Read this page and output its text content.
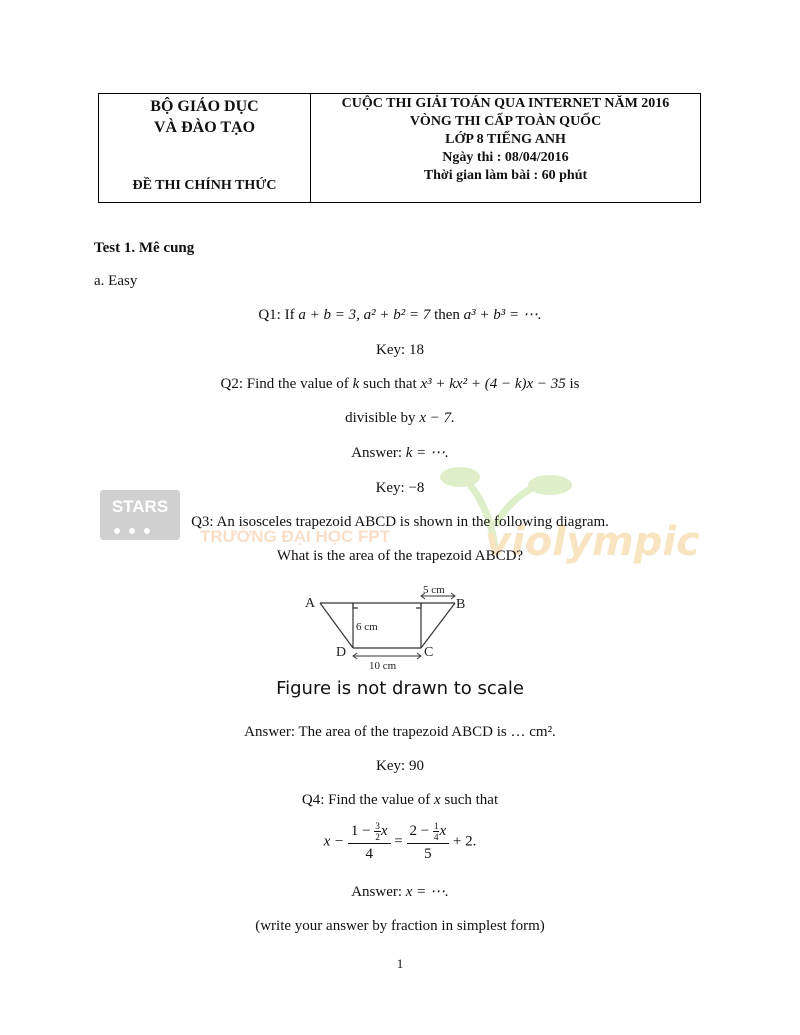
BỘ GIÁO DỤC
VÀ ĐÀO TẠO
ĐỀ THI CHÍNH THỨC
CUỘC THI GIẢI TOÁN QUA INTERNET NĂM 2016
VÒNG THI CẤP TOÀN QUỐC
LỚP 8 TIẾNG ANH
Ngày thi : 08/04/2016
Thời gian làm bài : 60 phút
STARS
TRƯỜNG ĐẠI HỌC FPT violympic
Test 1. Mê cung
a. Easy
Q1: If a + b = 3, a² + b² = 7 then a³ + b³ = ⋯.
Key: 18
Q2: Find the value of k such that x³ + kx² + (4 − k)x − 35 is
divisible by x − 7.
Answer: k = ⋯.
Key: −8
Q3: An isosceles trapezoid ABCD is shown in the following diagram.
What is the area of the trapezoid ABCD?
A	B
C
D
5 cm
6 cm
10 cm
Figure is not drawn to scale
Answer: The area of the trapezoid ABCD is … cm².
Key: 90
Q4: Find the value of x such that
$x - \frac{1 - \frac{3}{2} x}{4} = \frac{2 - \frac{1}{4} x}{5} + 2$.
Answer: x = ⋯.
(write your answer by fraction in simplest form)
1
